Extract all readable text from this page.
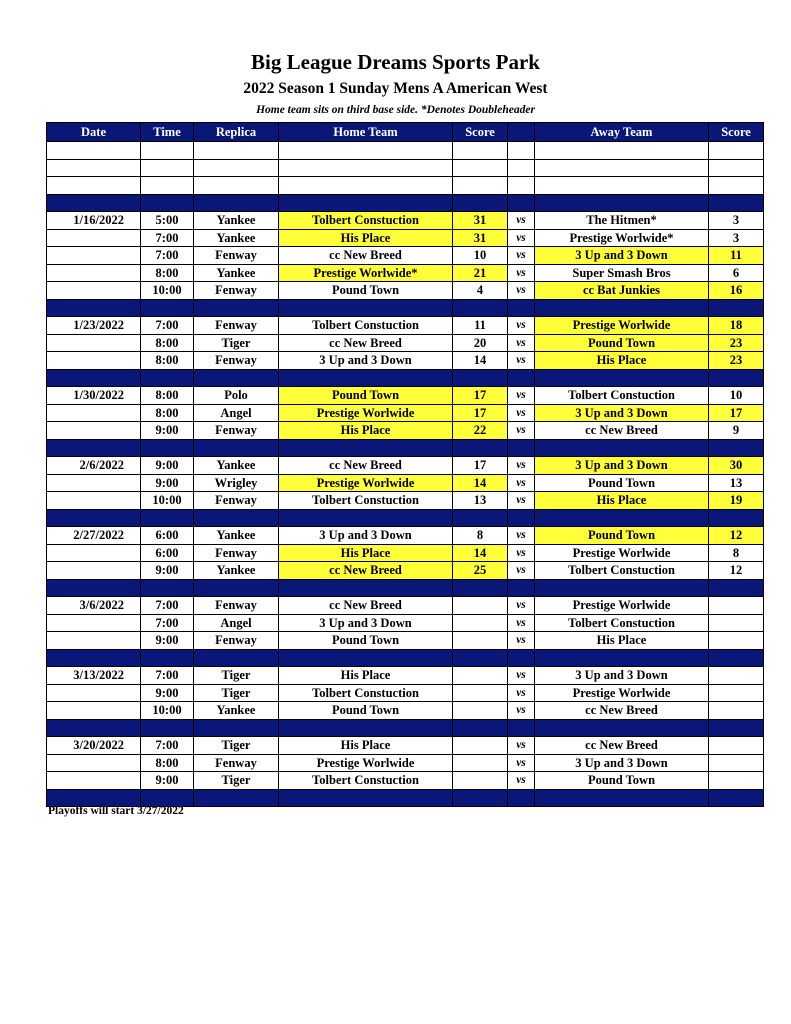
Big League Dreams Sports Park
2022 Season 1 Sunday Mens A American West
Home team sits on third base side. *Denotes Doubleheader
Date	Time	Replica	Home Team	Score		Away Team	Score

1/16/2022	5:00	Yankee	Tolbert Constuction	31	vs	The Hitmen*	3
	7:00	Yankee	His Place	31	vs	Prestige Worlwide*	3
	7:00	Fenway	cc New Breed	10	vs	3 Up and 3 Down	11
	8:00	Yankee	Prestige Worlwide*	21	vs	Super Smash Bros	6
	10:00	Fenway	Pound Town	4	vs	cc Bat Junkies	16

1/23/2022	7:00	Fenway	Tolbert Constuction	11	vs	Prestige Worlwide	18
	8:00	Tiger	cc New Breed	20	vs	Pound Town	23
	8:00	Fenway	3 Up and 3 Down	14	vs	His Place	23

1/30/2022	8:00	Polo	Pound Town	17	vs	Tolbert Constuction	10
	8:00	Angel	Prestige Worlwide	17	vs	3 Up and 3 Down	17
	9:00	Fenway	His Place	22	vs	cc New Breed	9

2/6/2022	9:00	Yankee	cc New Breed	17	vs	3 Up and 3 Down	30
	9:00	Wrigley	Prestige Worlwide	14	vs	Pound Town	13
	10:00	Fenway	Tolbert Constuction	13	vs	His Place	19

2/27/2022	6:00	Yankee	3 Up and 3 Down	8	vs	Pound Town	12
	6:00	Fenway	His Place	14	vs	Prestige Worlwide	8
	9:00	Yankee	cc New Breed	25	vs	Tolbert Constuction	12

3/6/2022	7:00	Fenway	cc New Breed		vs	Prestige Worlwide	
	7:00	Angel	3 Up and 3 Down		vs	Tolbert Constuction	
	9:00	Fenway	Pound Town		vs	His Place	

3/13/2022	7:00	Tiger	His Place		vs	3 Up and 3 Down	
	9:00	Tiger	Tolbert Constuction		vs	Prestige Worlwide	
	10:00	Yankee	Pound Town		vs	cc New Breed	

3/20/2022	7:00	Tiger	His Place		vs	cc New Breed	
	8:00	Fenway	Prestige Worlwide		vs	3 Up and 3 Down	
	9:00	Tiger	Tolbert Constuction		vs	Pound Town	

Playoffs will start 3/27/2022
